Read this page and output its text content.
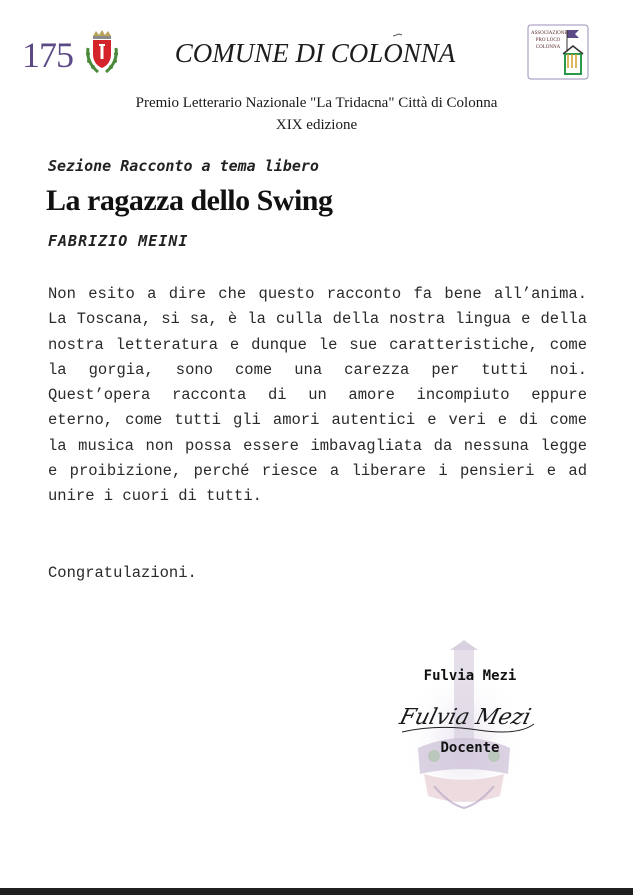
175	COMUNE DI COLONNA
ASSOCIAZIONE
PRO LOCO
COLONNA
Premio Letterario Nazionale "La Tridacna" Città di Colonna
XIX edizione
Sezione Racconto a tema libero
La ragazza dello Swing
FABRIZIO MEINI

Non esito a dire che questo racconto fa bene all’anima. La Toscana, si sa, è la culla della nostra lingua e della nostra letteratura e dunque le sue caratteristiche, come la gorgia, sono come una carezza per tutti noi. Quest’opera racconta di un amore incompiuto eppure eterno, come tutti gli amori autentici e veri e di come la musica non possa essere imbavagliata da nessuna legge e proibizione, perché riesce a liberare i pensieri e ad unire i cuori di tutti.

Congratulazioni.
Fulvia Mezi
Fulvia Mezi
Docente
